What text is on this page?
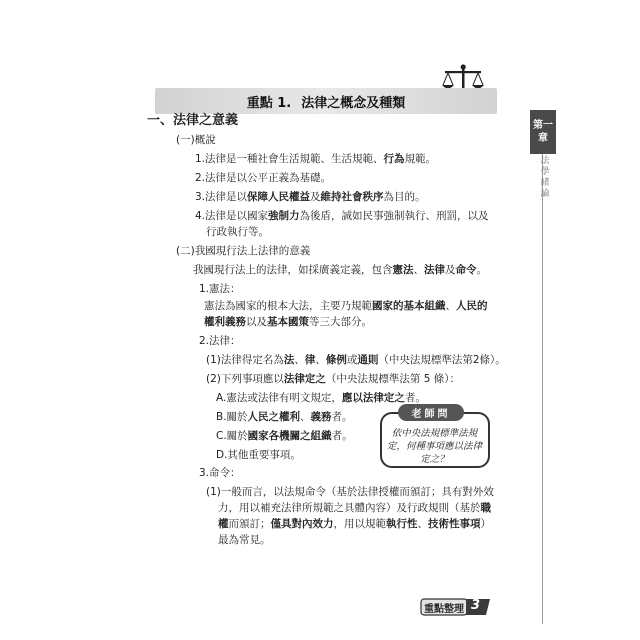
重點 1. 法律之概念及種類
第一
章
法學緒論
一、法律之意義
(一)概說
1.法律是一種社會生活規範、生活規範、行為規範。
2.法律是以公平正義為基礎。
3.法律是以保障人民權益及維持社會秩序為目的。
4.法律是以國家強制力為後盾，誠如民事強制執行、刑罰，以及
行政執行等。
(二)我國現行法上法律的意義
我國現行法上的法律，如採廣義定義，包含憲法、法律及命令。
1.憲法：
憲法為國家的根本大法，主要乃規範國家的基本組織、人民的
權利義務以及基本國策等三大部分。
2.法律：
(1)法律得定名為法、律、條例或通則（中央法規標準法第2條）。
(2)下列事項應以法律定之（中央法規標準法第 5 條）：
A.憲法或法律有明文規定，應以法律定之者。
B.關於人民之權利、義務者。
C.關於國家各機關之組織者。
D.其他重要事項。
3.命令：
(1)一般而言，以法規命令（基於法律授權而頒訂；具有對外效
力，用以補充法律所規範之具體內容）及行政規則（基於職
權而頒訂；僅具對內效力，用以規範執行性、技術性事項）
最為常見。
老師問
依中央法規標準法規定，何種事項應以法律定之？
重點整理 3
